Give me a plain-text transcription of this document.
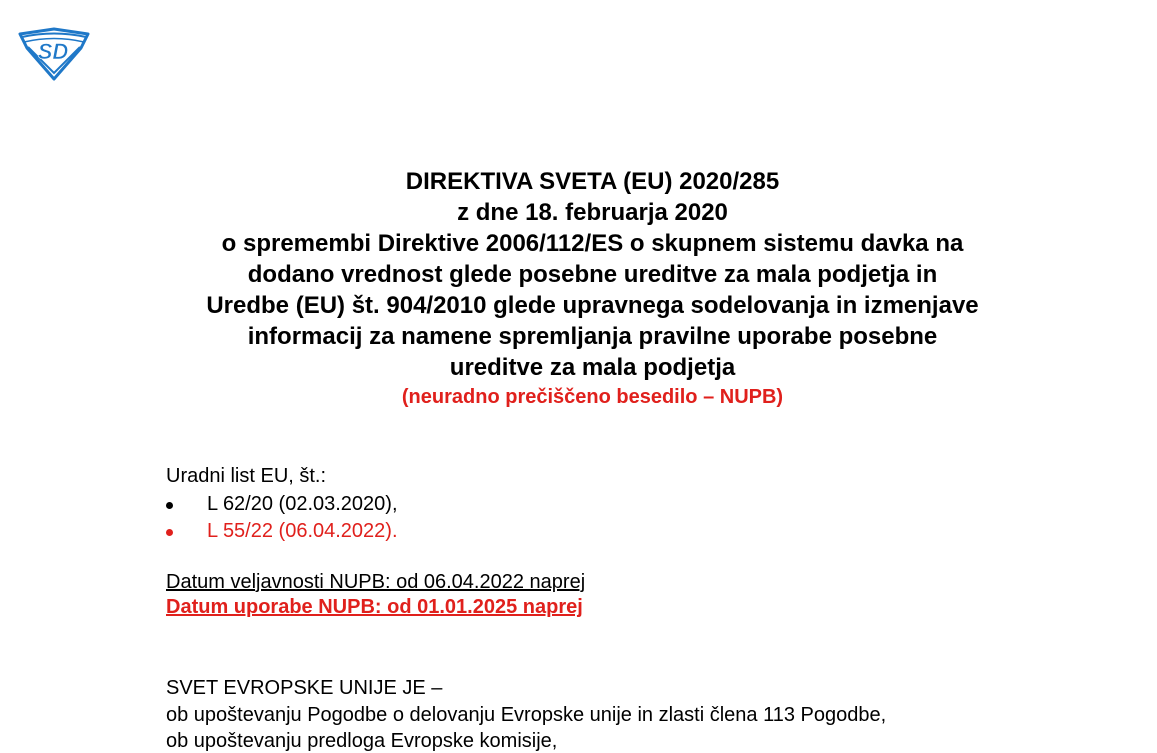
SD
DIREKTIVA SVETA (EU) 2020/285
z dne 18. februarja 2020
o spremembi Direktive 2006/112/ES o skupnem sistemu davka na
dodano vrednost glede posebne ureditve za mala podjetja in
Uredbe (EU) št. 904/2010 glede upravnega sodelovanja in izmenjave
informacij za namene spremljanja pravilne uporabe posebne
ureditve za mala podjetja
(neuradno prečiščeno besedilo – NUPB)
Uradni list EU, št.:
L 62/20 (02.03.2020),
L 55/22 (06.04.2022).
Datum veljavnosti NUPB: od 06.04.2022 naprej
Datum uporabe NUPB: od 01.01.2025 naprej
SVET EVROPSKE UNIJE JE –
ob upoštevanju Pogodbe o delovanju Evropske unije in zlasti člena 113 Pogodbe,
ob upoštevanju predloga Evropske komisije,
